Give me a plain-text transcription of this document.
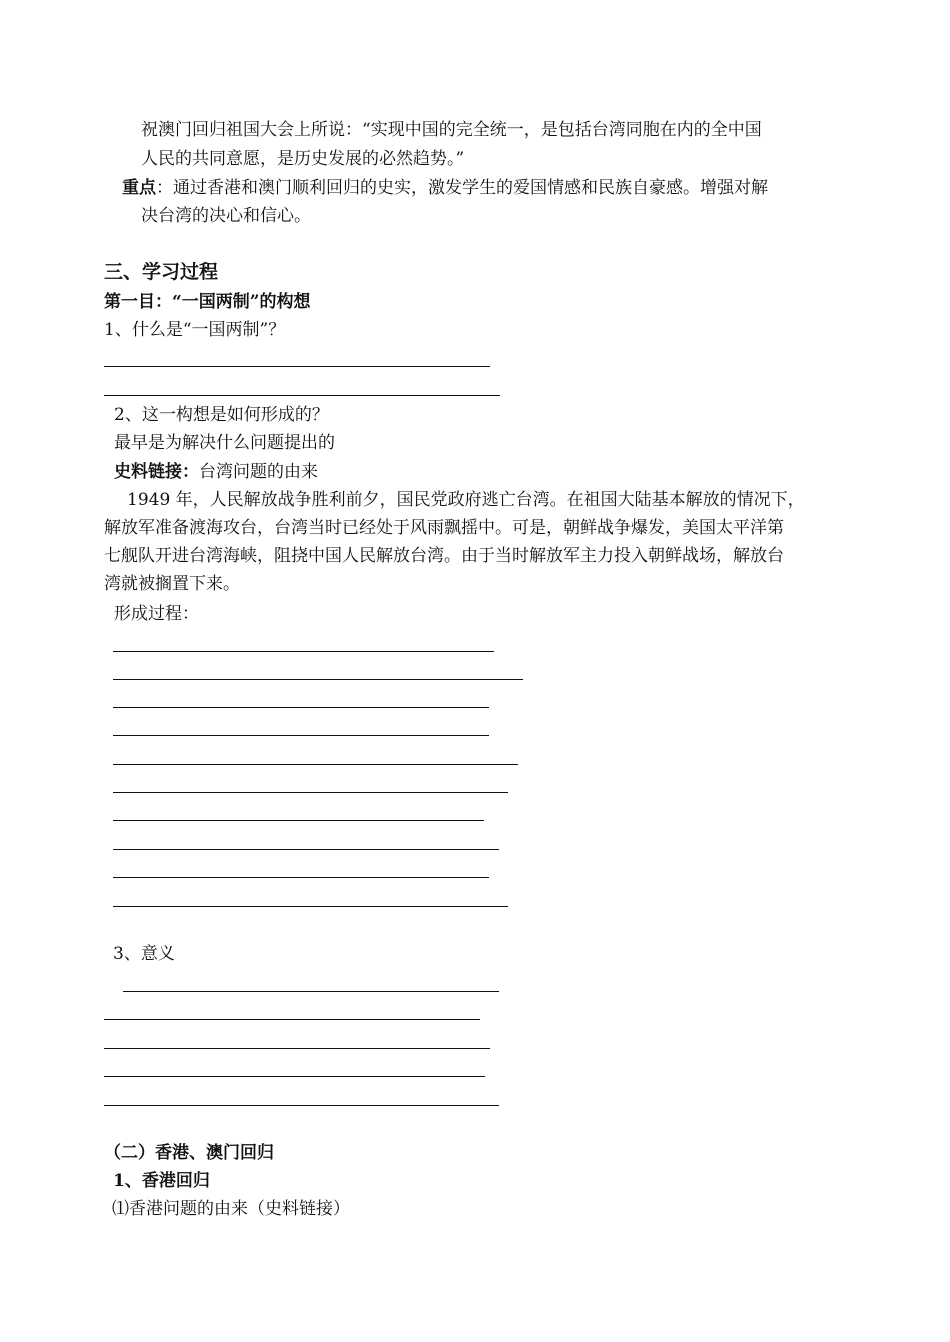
祝澳门回归祖国大会上所说：“实现中国的完全统一，是包括台湾同胞在内的全中国
人民的共同意愿，是历史发展的必然趋势。”
重点：通过香港和澳门顺利回归的史实，激发学生的爱国情感和民族自豪感。增强对解
决台湾的决心和信心。
三、学习过程
第一目：“一国两制”的构想
1、什么是“一国两制”？
2、这一构想是如何形成的？
最早是为解决什么问题提出的
史料链接：台湾问题的由来
1949 年，人民解放战争胜利前夕，国民党政府逃亡台湾。在祖国大陆基本解放的情况下，
解放军准备渡海攻台，台湾当时已经处于风雨飘摇中。可是，朝鲜战争爆发，美国太平洋第
七舰队开进台湾海峡，阻挠中国人民解放台湾。由于当时解放军主力投入朝鲜战场，解放台
湾就被搁置下来。
形成过程：
3、意义
（二）香港、澳门回归
1、香港回归
⑴香港问题的由来（史料链接）
